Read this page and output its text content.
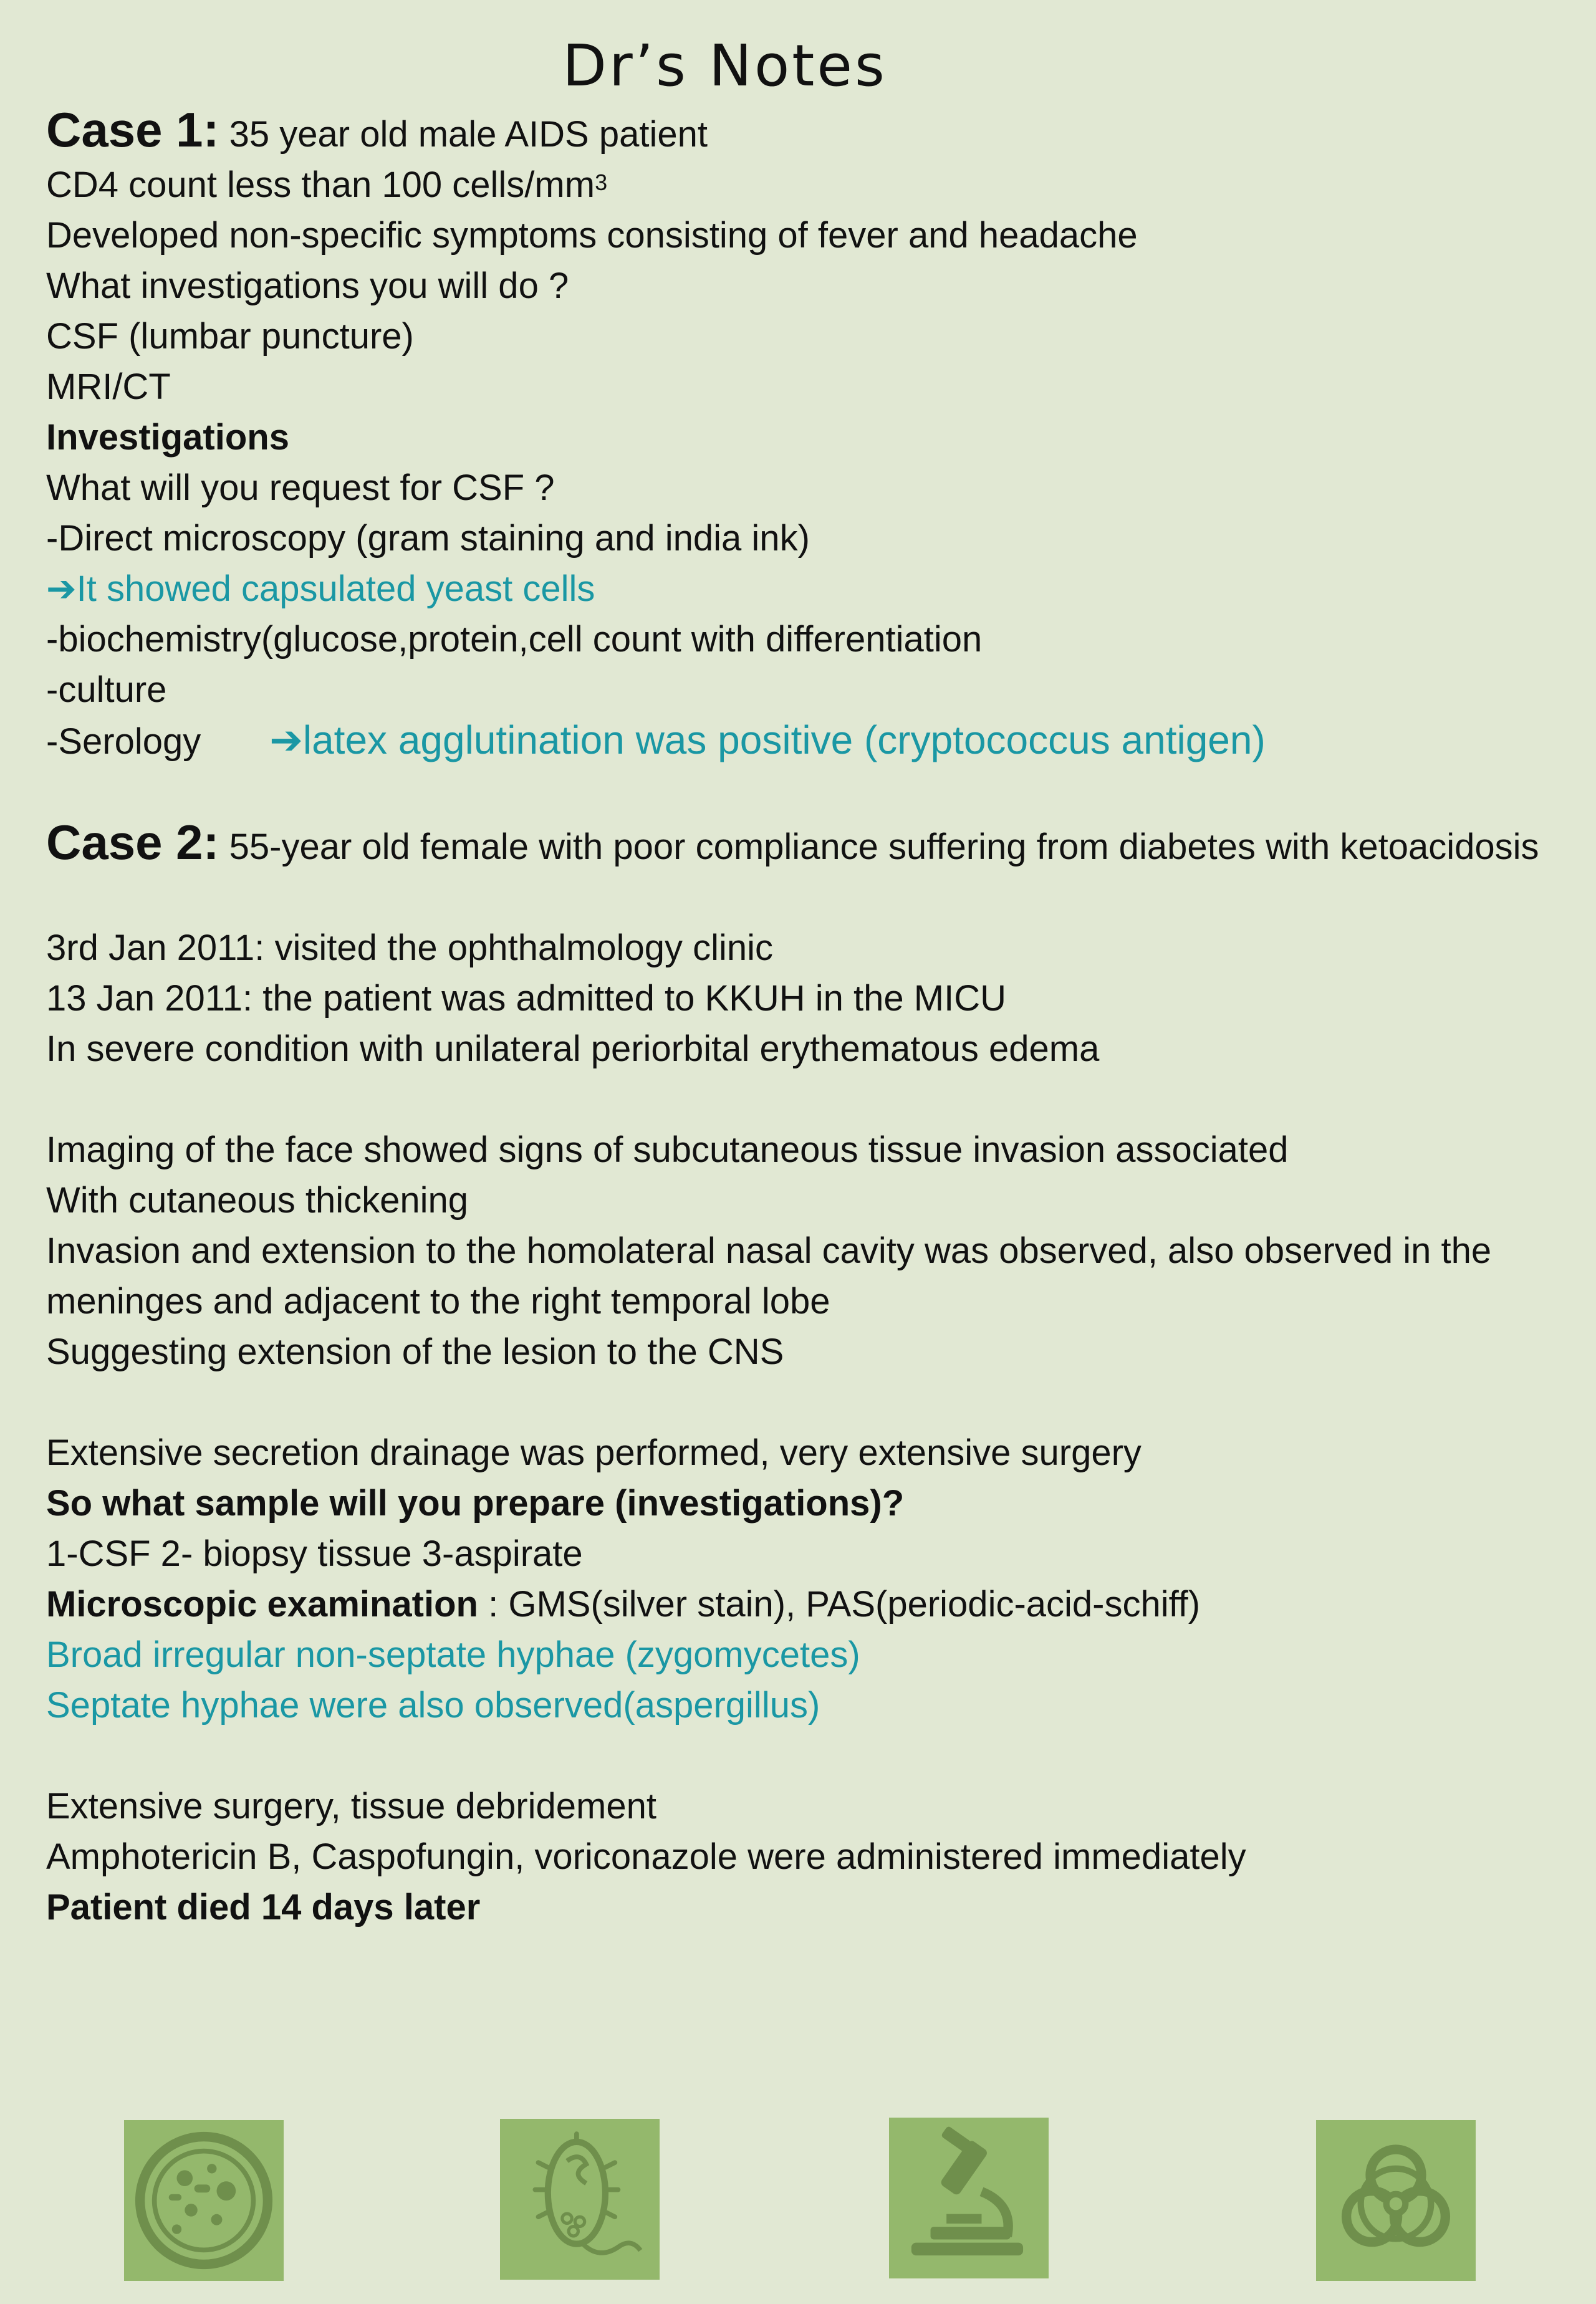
Dr’s Notes
Case 1: 35 year old male AIDS patient
CD4 count less than 100 cells/$mm^3$
Developed non-specific symptoms consisting of fever and headache
What investigations you will do ?
CSF (lumbar puncture)
MRI/CT
Investigations
What will you request for CSF ?
-Direct microscopy (gram staining and india ink)
➔It showed capsulated yeast cells
-biochemistry(glucose,protein,cell count with differentiation
-culture
-Serology ➔latex agglutination was positive (cryptococcus antigen)
Case 2: 55-year old female with poor compliance suffering from diabetes with ketoacidosis
3rd Jan 2011: visited the ophthalmology clinic
13 Jan 2011: the patient was admitted to KKUH in the MICU
In severe condition with unilateral periorbital erythematous edema
Imaging of the face showed signs of subcutaneous tissue invasion associated
With cutaneous thickening
Invasion and extension to the homolateral nasal cavity was observed, also observed in the meninges and adjacent to the right temporal lobe
Suggesting extension of the lesion to the CNS
Extensive secretion drainage was performed, very extensive surgery
So what sample will you prepare (investigations)?
1-CSF 2- biopsy tissue 3-aspirate
Microscopic examination : GMS(silver stain), PAS(periodic-acid-schiff)
Broad irregular non-septate hyphae (zygomycetes)
Septate hyphae were also observed(aspergillus)
Extensive surgery, tissue debridement
Amphotericin B, Caspofungin, voriconazole were administered immediately
Patient died 14 days later
